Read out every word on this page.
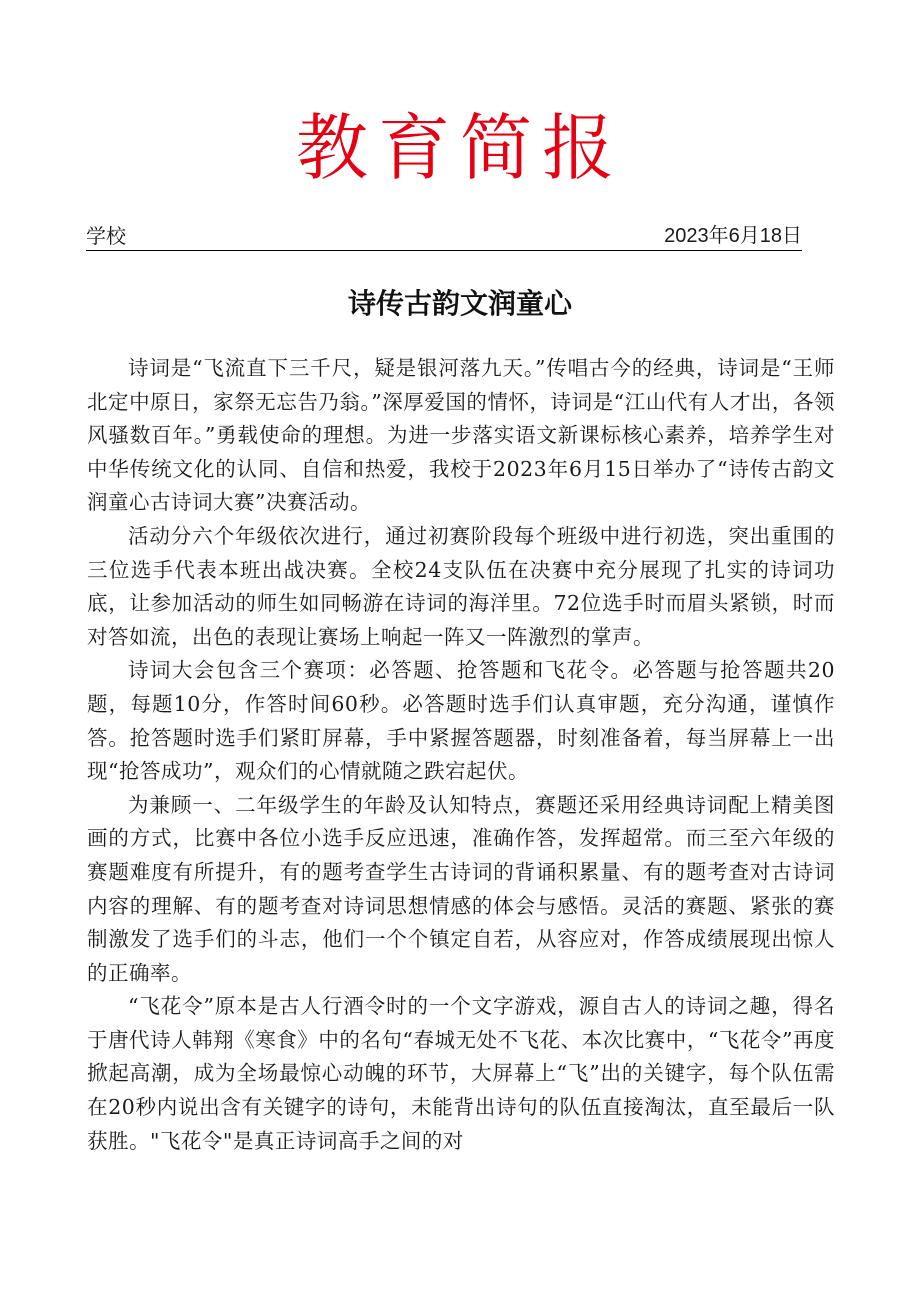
教育简报
学校	2023年6月18日
诗传古韵文润童心

诗词是“飞流直下三千尺，疑是银河落九天。”传唱古今的经典，诗词是“王师北定中原日，家祭无忘告乃翁。”深厚爱国的情怀，诗词是“江山代有人才出，各领风骚数百年。”勇载使命的理想。为进一步落实语文新课标核心素养，培养学生对中华传统文化的认同、自信和热爱，我校于2023年6月15日举办了“诗传古韵文润童心古诗词大赛”决赛活动。

活动分六个年级依次进行，通过初赛阶段每个班级中进行初选，突出重围的三位选手代表本班出战决赛。全校24支队伍在决赛中充分展现了扎实的诗词功底，让参加活动的师生如同畅游在诗词的海洋里。72位选手时而眉头紧锁，时而对答如流，出色的表现让赛场上响起一阵又一阵激烈的掌声。

诗词大会包含三个赛项：必答题、抢答题和飞花令。必答题与抢答题共20题，每题10分，作答时间60秒。必答题时选手们认真审题，充分沟通，谨慎作答。抢答题时选手们紧盯屏幕，手中紧握答题器，时刻准备着，每当屏幕上一出现“抢答成功”，观众们的心情就随之跌宕起伏。

为兼顾一、二年级学生的年龄及认知特点，赛题还采用经典诗词配上精美图画的方式，比赛中各位小选手反应迅速，准确作答，发挥超常。而三至六年级的赛题难度有所提升，有的题考查学生古诗词的背诵积累量、有的题考查对古诗词内容的理解、有的题考查对诗词思想情感的体会与感悟。灵活的赛题、紧张的赛制激发了选手们的斗志，他们一个个镇定自若，从容应对，作答成绩展现出惊人的正确率。

“飞花令”原本是古人行酒令时的一个文字游戏，源自古人的诗词之趣，得名于唐代诗人韩翔《寒食》中的名句“春城无处不飞花、本次比赛中，“飞花令”再度掀起高潮，成为全场最惊心动魄的环节，大屏幕上“飞”出的关键字，每个队伍需在20秒内说出含有关键字的诗句，未能背出诗句的队伍直接淘汰，直至最后一队获胜。"飞花令"是真正诗词高手之间的对
